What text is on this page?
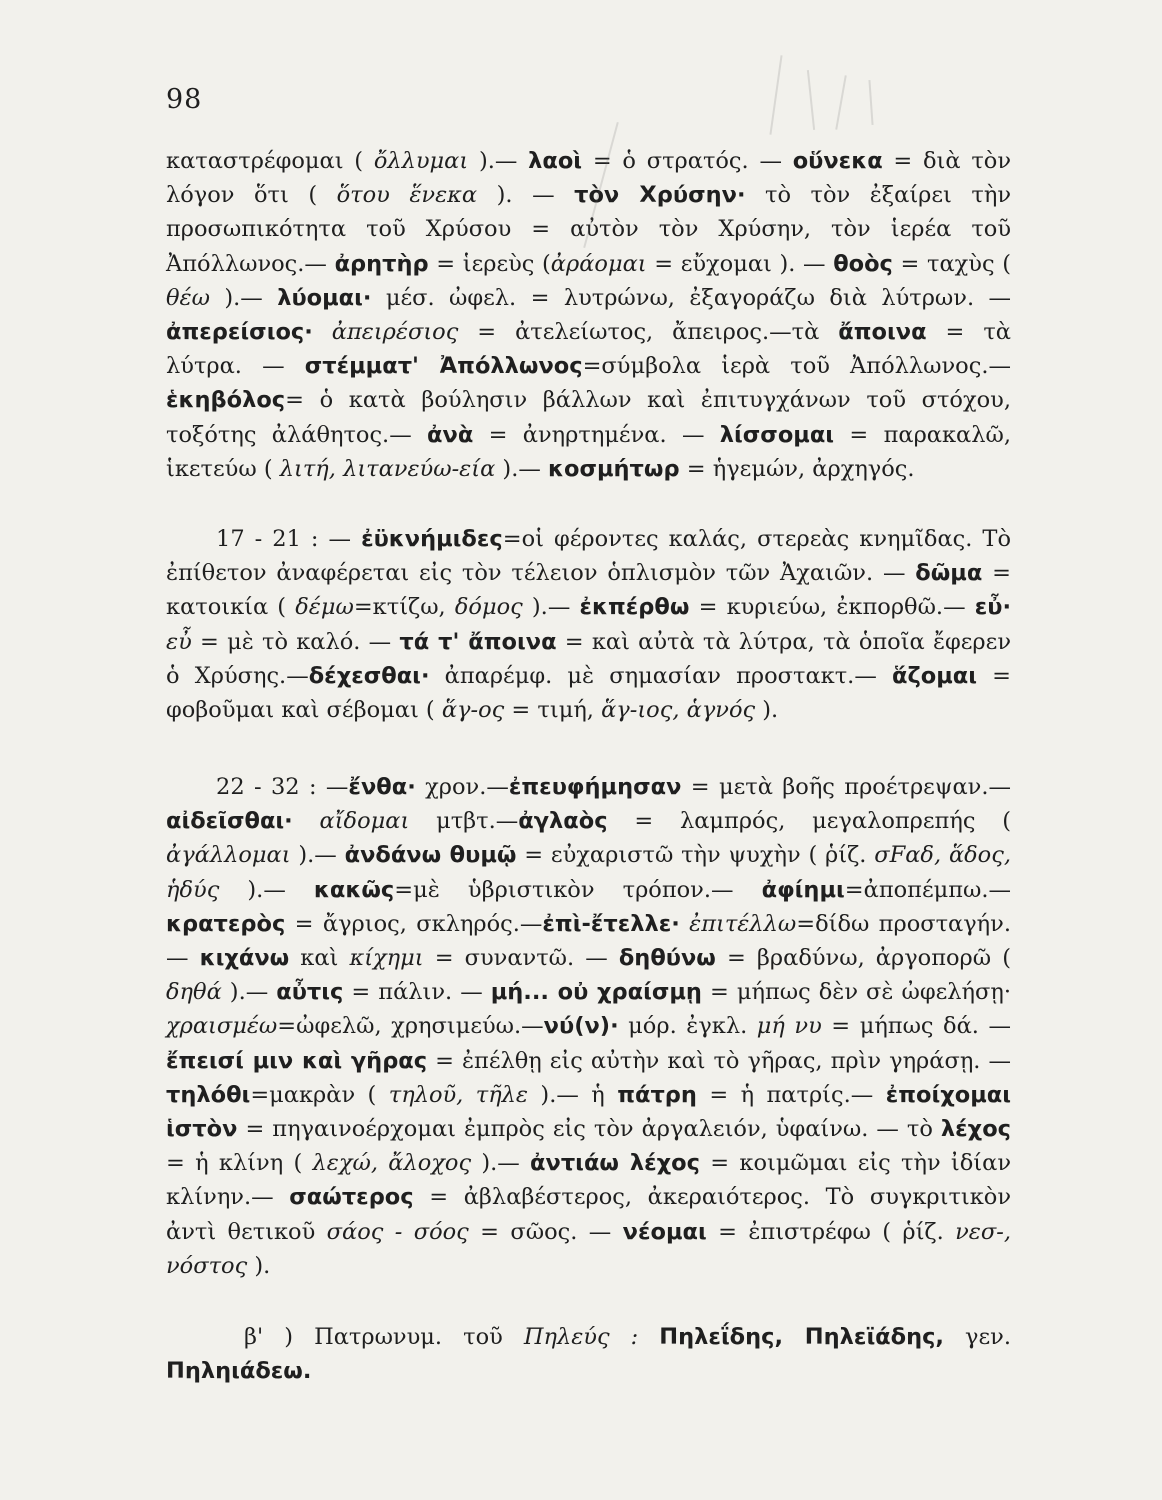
98
καταστρέφομαι ( ὄλλυμαι ).— λαοὶ = ὁ στρατός. — οὕνεκα = διὰ τὸν λόγον ὅτι ( ὅτου ἕνεκα ). — τὸν Χρύσην· τὸ τὸν ἐξαίρει τὴν προσωπικότητα τοῦ Χρύσου = αὐτὸν τὸν Χρύσην, τὸν ἱερέα τοῦ Ἀπόλλωνος.— ἀρητὴρ = ἱερεὺς (ἀράομαι = εὔχομαι ). — θοὸς = ταχὺς ( θέω ).— λύομαι· μέσ. ὠφελ. = λυτρώνω, ἐξαγοράζω διὰ λύτρων. — ἀπερείσιος· ἀπειρέσιος = ἀτελείωτος, ἄπειρος.—τὰ ἄποινα = τὰ λύτρα. — στέμματ' Ἀπόλλωνος=σύμβολα ἱερὰ τοῦ Ἀπόλλωνος.—ἑκηβόλος= ὁ κατὰ βούλησιν βάλλων καὶ ἐπιτυγχάνων τοῦ στόχου, τοξότης ἀλάθητος.— ἀνὰ = ἀνηρτημένα. — λίσσομαι = παρακαλῶ, ἱκετεύω ( λιτή, λιτανεύω-εία ).— κοσμήτωρ = ἡγεμών, ἀρχηγός.
17 - 21 : — ἐϋκνήμιδες=οἱ φέροντες καλάς, στερεὰς κνημῖδας. Τὸ ἐπίθετον ἀναφέρεται εἰς τὸν τέλειον ὁπλισμὸν τῶν Ἀχαιῶν. — δῶμα = κατοικία ( δέμω=κτίζω, δόμος ).— ἐκπέρθω = κυριεύω, ἐκπορθῶ.— εὖ· εὖ = μὲ τὸ καλό. — τά τ' ἄποινα = καὶ αὐτὰ τὰ λύτρα, τὰ ὁποῖα ἔφερεν ὁ Χρύσης.—δέχεσθαι· ἀπαρέμφ. μὲ σημασίαν προστακτ.— ἅζομαι = φοβοῦμαι καὶ σέβομαι ( ἅγ-ος = τιμή, ἅγ-ιος, ἁγνός ).
22 - 32 : —ἔνθα· χρον.—ἐπευφήμησαν = μετὰ βοῆς προέτρεψαν.— αἰδεῖσθαι· αἴδομαι μτβτ.—ἀγλαὸς = λαμπρός, μεγαλοπρεπής ( ἀγάλλομαι ).— ἀνδάνω θυμῷ = εὐχαριστῶ τὴν ψυχὴν ( ῥίζ. σFαδ, ἅδος, ἡδύς ).— κακῶς=μὲ ὑβριστικὸν τρόπον.— ἀφίημι=ἀποπέμπω.— κρατερὸς = ἄγριος, σκληρός.—ἐπὶ-ἔτελλε· ἐπιτέλλω=δίδω προσταγήν.— κιχάνω καὶ κίχημι = συναντῶ. — δηθύνω = βραδύνω, ἀργοπορῶ ( δηθά ).— αὖτις = πάλιν. — μή... οὐ χραίσμῃ = μήπως δὲν σὲ ὠφελήσῃ· χραισμέω=ὠφελῶ, χρησιμεύω.—νύ(ν)· μόρ. ἐγκλ. μή νυ = μήπως δά. — ἔπεισί μιν καὶ γῆρας = ἐπέλθῃ εἰς αὐτὴν καὶ τὸ γῆρας, πρὶν γηράσῃ. — τηλόθι=μακρὰν ( τηλοῦ, τῆλε ).— ἡ πάτρη = ἡ πατρίς.— ἐποίχομαι ἱστὸν = πηγαινοέρχομαι ἐμπρὸς εἰς τὸν ἀργαλειόν, ὑφαίνω. — τὸ λέχος = ἡ κλίνη ( λεχώ, ἄλοχος ).— ἀντιάω λέχος = κοιμῶμαι εἰς τὴν ἰδίαν κλίνην.— σαώτερος = ἀβλαβέστερος, ἀκεραιότερος. Τὸ συγκριτικὸν ἀντὶ θετικοῦ σάος - σόος = σῶος. — νέομαι = ἐπιστρέφω ( ῥίζ. νεσ-, νόστος ).
β' ) Πατρωνυμ. τοῦ Πηλεύς : Πηλεΐδης, Πηλεϊάδης, γεν. Πηληιάδεω.
